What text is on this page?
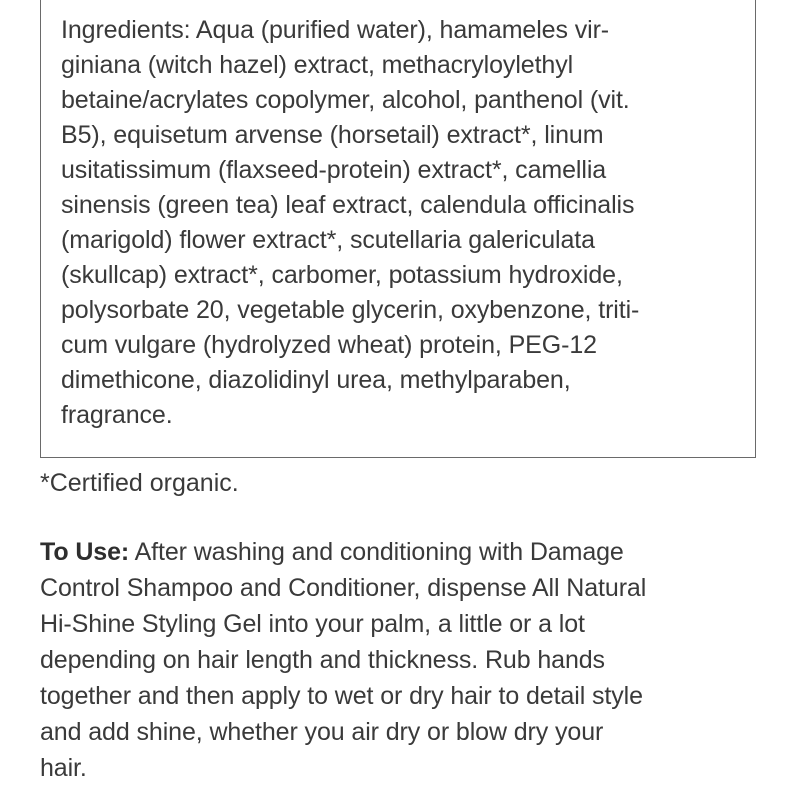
Ingredients: Aqua (purified water), hamameles vir-
giniana (witch hazel) extract, methacryloylethyl
betaine/acrylates copolymer, alcohol, panthenol (vit.
B5), equisetum arvense (horsetail) extract*, linum
usitatissimum (flaxseed-protein) extract*, camellia
sinensis (green tea) leaf extract, calendula officinalis
(marigold) flower extract*, scutellaria galericulata
(skullcap) extract*, carbomer, potassium hydroxide,
polysorbate 20, vegetable glycerin, oxybenzone, triti-
cum vulgare (hydrolyzed wheat) protein, PEG-12
dimethicone, diazolidinyl urea, methylparaben,
fragrance.
*Certified organic.
To Use: After washing and conditioning with Damage
Control Shampoo and Conditioner, dispense All Natural
Hi-Shine Styling Gel into your palm, a little or a lot
depending on hair length and thickness. Rub hands
together and then apply to wet or dry hair to detail style
and add shine, whether you air dry or blow dry your
hair.
